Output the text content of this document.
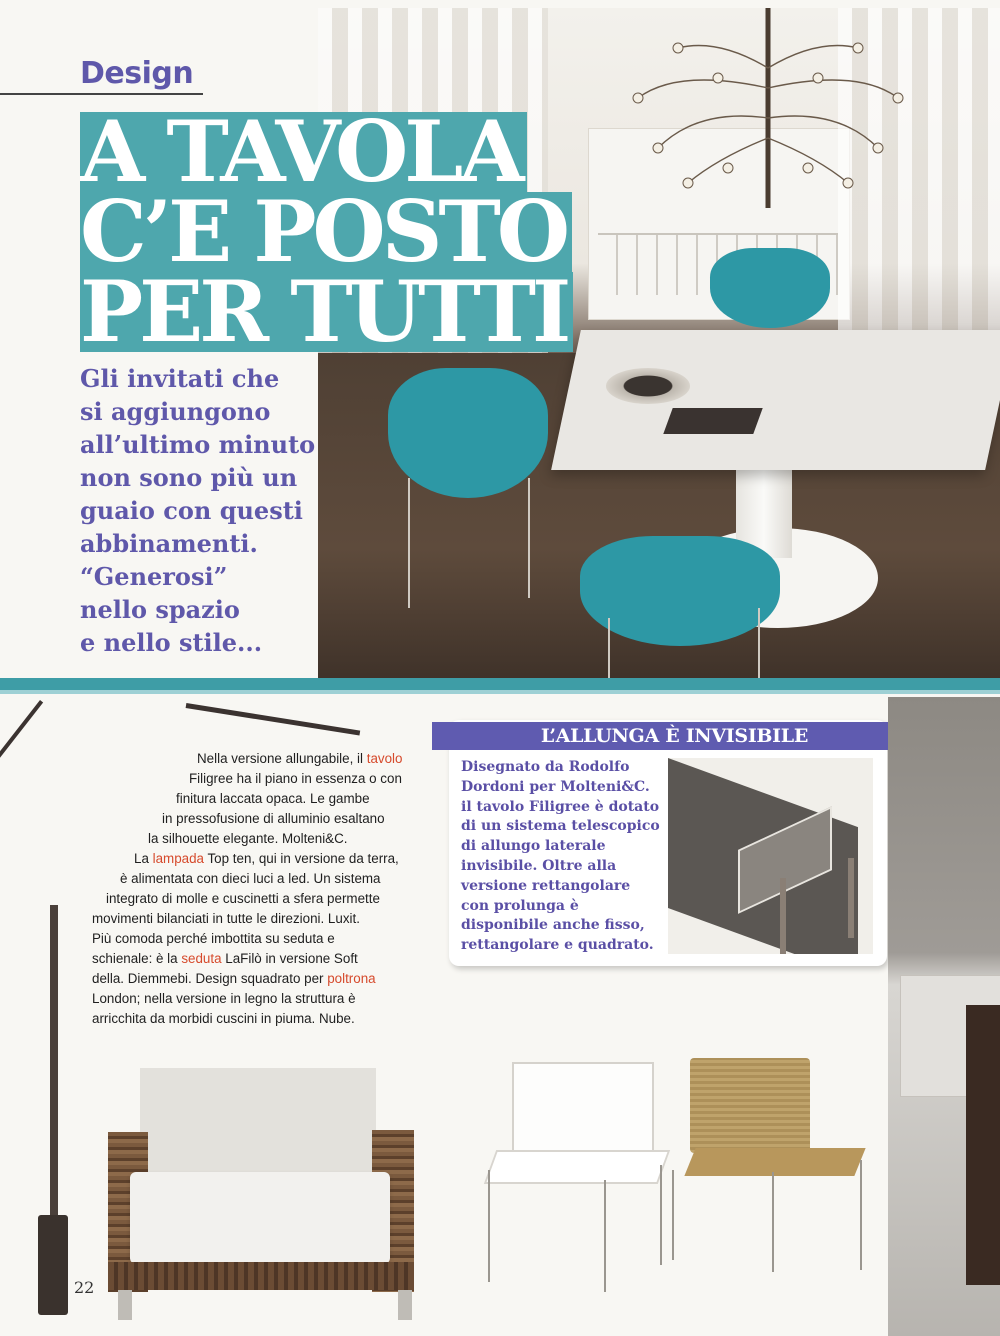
Design
A TAVOLA
C’E POSTO
PER TUTTI
Gli invitati che
si aggiungono
all’ultimo minuto
non sono più un
guaio con questi
abbinamenti.
“Generosi”
nello spazio
e nello stile...
Nella versione allungabile, il tavolo
Filigree ha il piano in essenza o con
finitura laccata opaca. Le gambe
in pressofusione di alluminio esaltano
la silhouette elegante. Molteni&C.
La lampada Top ten, qui in versione da terra,
è alimentata con dieci luci a led. Un sistema
integrato di molle e cuscinetti a sfera permette
movimenti bilanciati in tutte le direzioni. Luxit.
Più comoda perché imbottita su seduta e
schienale: è la seduta LaFilò in versione Soft
della. Diemmebi. Design squadrato per poltrona
London; nella versione in legno la struttura è
arricchita da morbidi cuscini in piuma. Nube.
L’ALLUNGA È INVISIBILE
Disegnato da Rodolfo
Dordoni per Molteni&C.
il tavolo Filigree è dotato
di un sistema telescopico
di allungo laterale
invisibile. Oltre alla
versione rettangolare
con prolunga è
disponibile anche fisso,
rettangolare e quadrato.
22
